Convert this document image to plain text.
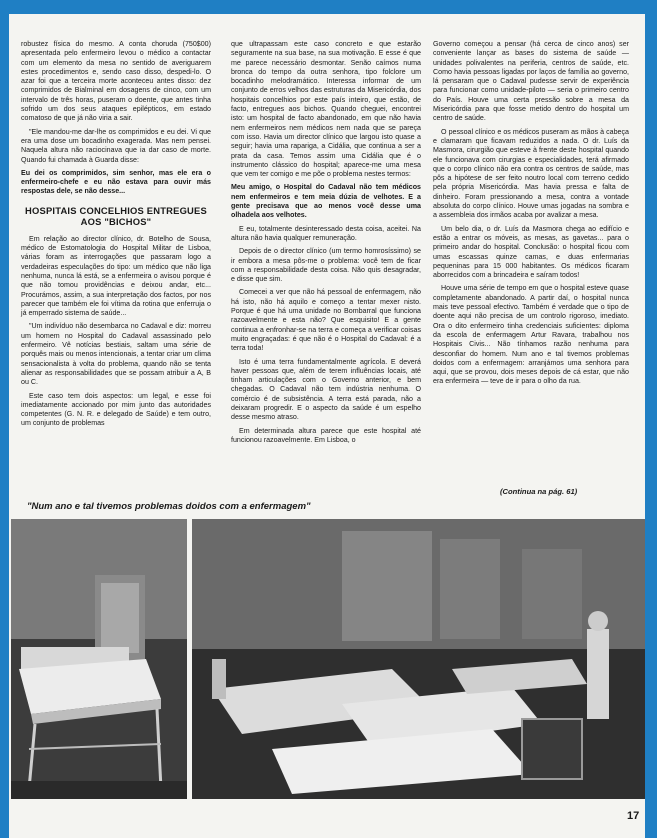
robustez física do mesmo. A conta choruda (750$00) apresentada pelo enfermeiro levou o médico a contactar com um elemento da mesa no sentido de averiguarem estes procedimentos e, sendo caso disso, despedi-lo. O azar foi que a terceira morte aconteceu antes disso: dez comprimidos de Bialminal em dosagens de cinco, com um intervalo de três horas, puseram o doente, que antes tinha sofrido um dos seus ataques epilépticos, em estado comatoso de que já não viria a sair.

"Ele mandou-me dar-lhe os comprimidos e eu dei. Vi que era uma dose um bocadinho exagerada. Mas nem pensei. Naquela altura não raciocinava que ia dar caso de morte. Quando fui chamada à Guarda disse:

Eu dei os comprimidos, sim senhor, mas ele era o enfermeiro-chefe e eu não estava para ouvir más respostas dele, se não desse...

HOSPITAIS CONCELHIOS ENTREGUES AOS "BICHOS"

Em relação ao director clínico, dr. Botelho de Sousa, médico de Estomatologia do Hospital Militar de Lisboa, várias foram as interrogações que passaram logo a verdadeiras especulações do tipo: um médico que não liga nenhuma, nunca lá está, se a enfermeira o avisou porque é que não tomou providências e deixou andar, etc... Procurámos, assim, a sua interpretação dos factos, por nos parecer que também ele foi vítima da rotina que enferruja o já emperrado sistema de saúde...

"Um indivíduo não desembarca no Cadaval e diz: morreu um homem no Hospital do Cadaval assassinado pelo enfermeiro. Vê notícias bestiais, saltam uma série de porquês mais ou menos intencionais, a tentar criar um clima sensacionalista à volta do problema, quando não se tenta alienar as responsabilidades que se possam atribuir a A, B ou C.

Este caso tem dois aspectos: um legal, e esse foi imediatamente accionado por mim junto das autoridades competentes (G. N. R. e delegado de Saúde) e tem outro, um conjunto de problemas

que ultrapassam este caso concreto e que estarão seguramente na sua base, na sua motivação. E esse é que me parece necessário desmontar. Senão caímos numa bronca do tempo da outra senhora, tipo folclore um bocadinho melodramático. Interessa informar de um conjunto de erros velhos das estruturas da Misericórdia, dos hospitais concelhios por este país inteiro, que estão, de facto, entregues aos bichos. Quando cheguei, encontrei isto: um hospital de facto abandonado, em que não havia nem enfermeiros nem médicos nem nada que se pareça com isso. Havia um director clínico que largou isto quase a seguir; havia uma rapariga, a Cidália, que continua a ser a prata da casa. Temos assim uma Cidália que é o instrumento clássico do hospital; aparece-me uma mesa que vem ter comigo e me põe o problema nestes termos:

Meu amigo, o Hospital do Cadaval não tem médicos nem enfermeiros e tem meia dúzia de velhotes. E a gente precisava que ao menos você desse uma olhadela aos velhotes.

E eu, totalmente desinteressado desta coisa, aceitei. Na altura não havia qualquer remuneração.

Depois de o director clínico (um termo homrosíssimo) se ir embora a mesa pôs-me o problema: você tem de ficar com a responsabilidade desta coisa. Não quis desagradar, e disse que sim.

Comecei a ver que não há pessoal de enfermagem, não há isto, não há aquilo e começo a tentar mexer nisto. Porque é que há uma unidade no Bombarral que funciona razoavelmente e esta não? Que esquisito! E a gente continua a enfronhar-se na terra e começa a verificar coisas muito engraçadas: é que não é o Hospital do Cadaval: é a terra toda!

Isto é uma terra fundamentalmente agrícola. E deverá haver pessoas que, além de terem influências locais, até tinham articulações com o Governo anterior, e bem chegadas. O Cadaval não tem indústria nenhuma. O comércio é de subsistência. A terra está parada, não a deixaram progredir. E o aspecto da saúde é um espelho desse mesmo atraso.

Em determinada altura parece que este hospital até funcionou razoavelmente. Em Lisboa, o

Governo começou a pensar (há cerca de cinco anos) ser conveniente lançar as bases do sistema de saúde — unidades polivalentes na periferia, centros de saúde, etc. Como havia pessoas ligadas por laços de família ao governo, lá pensaram que o Cadaval pudesse servir de experiência para funcionar como unidade-piloto — seria o primeiro centro do País. Houve uma certa pressão sobre a mesa da Misericórdia para que fosse metido dentro do hospital um centro de saúde.

O pessoal clínico e os médicos puseram as mãos à cabeça e clamaram que ficavam reduzidos a nada. O dr. Luís da Masmora, cirurgião que esteve à frente deste hospital quando ele funcionava com cirurgias e especialidades, terá afirmado que o corpo clínico não era contra os centros de saúde, mas pôs a hipótese de ser feito noutro local com terreno cedido pela própria Misericórdia. Mas havia pressa e falta de dinheiro. Foram pressionando a mesa, contra a vontade absoluta do corpo clínico. Houve umas jogadas na sombra e a assembleia dos irmãos acaba por avalizar a mesa.

Um belo dia, o dr. Luís da Masmora chega ao edifício e estão a entrar os móveis, as mesas, as gavetas... para o primeiro andar do hospital. Conclusão: o hospital ficou com umas escassas quinze camas, e duas enfermarias pequeninas para 15 000 habitantes. Os médicos ficaram aborrecidos com a brincadeira e saíram todos!

Houve uma série de tempo em que o hospital esteve quase completamente abandonado. A partir daí, o hospital nunca mais teve pessoal efectivo. Também é verdade que o tipo de doente aqui não precisa de um controlo rigoroso, imediato. Ora o dito enfermeiro tinha credenciais suficientes: diploma da escola de enfermagem Artur Ravara, trabalhou nos Hospitais Civis... Não tínhamos razão nenhuma para desconfiar do homem. Num ano e tal tivemos problemas doidos com a enfermagem: arranjámos uma senhora para aqui, que se provou, dois meses depois de cá estar, que não era enfermeira — teve de ir para o olho da rua.

(Continua na pág. 61)
"Num ano e tal tivemos problemas doidos com a enfermagem"
17
